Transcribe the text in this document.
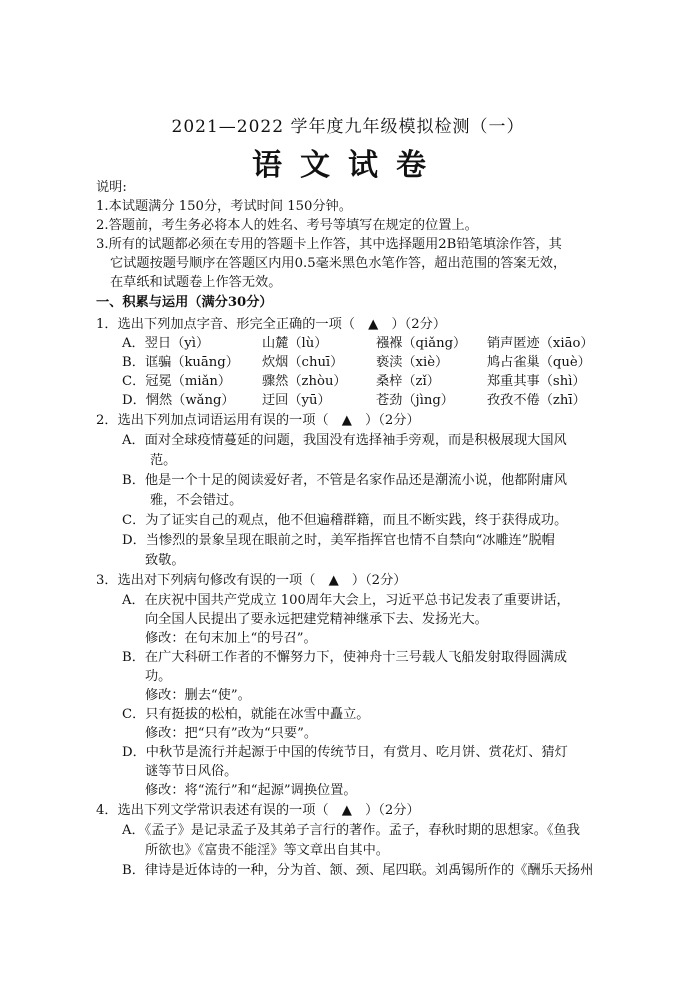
2021—2022 学年度九年级模拟检测（一）
语文试卷
说明:
1.本试题满分 150分，考试时间 150分钟。
2.答题前，考生务必将本人的姓名、考号等填写在规定的位置上。
3.所有的试题都必须在专用的答题卡上作答，其中选择题用2B铅笔填涂作答，其
它试题按题号顺序在答题区内用0.5毫米黑色水笔作答，超出范围的答案无效，
在草纸和试题卷上作答无效。
一、积累与运用（满分30分）
1．选出下列加点字音、形完全正确的一项（　▲　）（2分）
A．翌日（yì）	山麓（lù）	襁褓（qiǎng） 销声匿迹（xiāo）
B．诓骗（kuāng） 炊烟（chuī） 亵渎（xiè）	鸠占雀巢（què）
C．冠冕（miǎn） 骤然（zhòu） 桑梓（zǐ）	郑重其事（shì）
D．惘然（wǎng） 迂回（yū）	苍劲（jìng）	孜孜不倦（zhī）
2．选出下列加点词语运用有误的一项（　▲　）（2分）
A．面对全球疫情蔓延的问题，我国没有选择袖手旁观，而是积极展现大国风
范。
B．他是一个十足的阅读爱好者，不管是名家作品还是潮流小说，他都附庸风
雅，不会错过。
C．为了证实自己的观点，他不但遍稽群籍，而且不断实践，终于获得成功。
D．当惨烈的景象呈现在眼前之时，美军指挥官也情不自禁向“冰雕连”脱帽
致敬。
3．选出对下列病句修改有误的一项（　▲　）（2分）
A．在庆祝中国共产党成立 100周年大会上，习近平总书记发表了重要讲话，
向全国人民提出了要永远把建党精神继承下去、发扬光大。
修改：在句末加上“的号召”。
B．在广大科研工作者的不懈努力下，使神舟十三号载人飞船发射取得圆满成
功。
修改：删去“使”。
C．只有挺拔的松柏，就能在冰雪中矗立。
修改：把“只有”改为“只要”。
D．中秋节是流行并起源于中国的传统节日，有赏月、吃月饼、赏花灯、猜灯
谜等节日风俗。
修改：将“流行”和“起源”调换位置。
4．选出下列文学常识表述有误的一项（　▲　）（2分）
A．《孟子》是记录孟子及其弟子言行的著作。孟子，春秋时期的思想家。《鱼我
所欲也》《富贵不能淫》等文章出自其中。
B．律诗是近体诗的一种，分为首、颔、颈、尾四联。刘禹锡所作的《酬乐天扬州
